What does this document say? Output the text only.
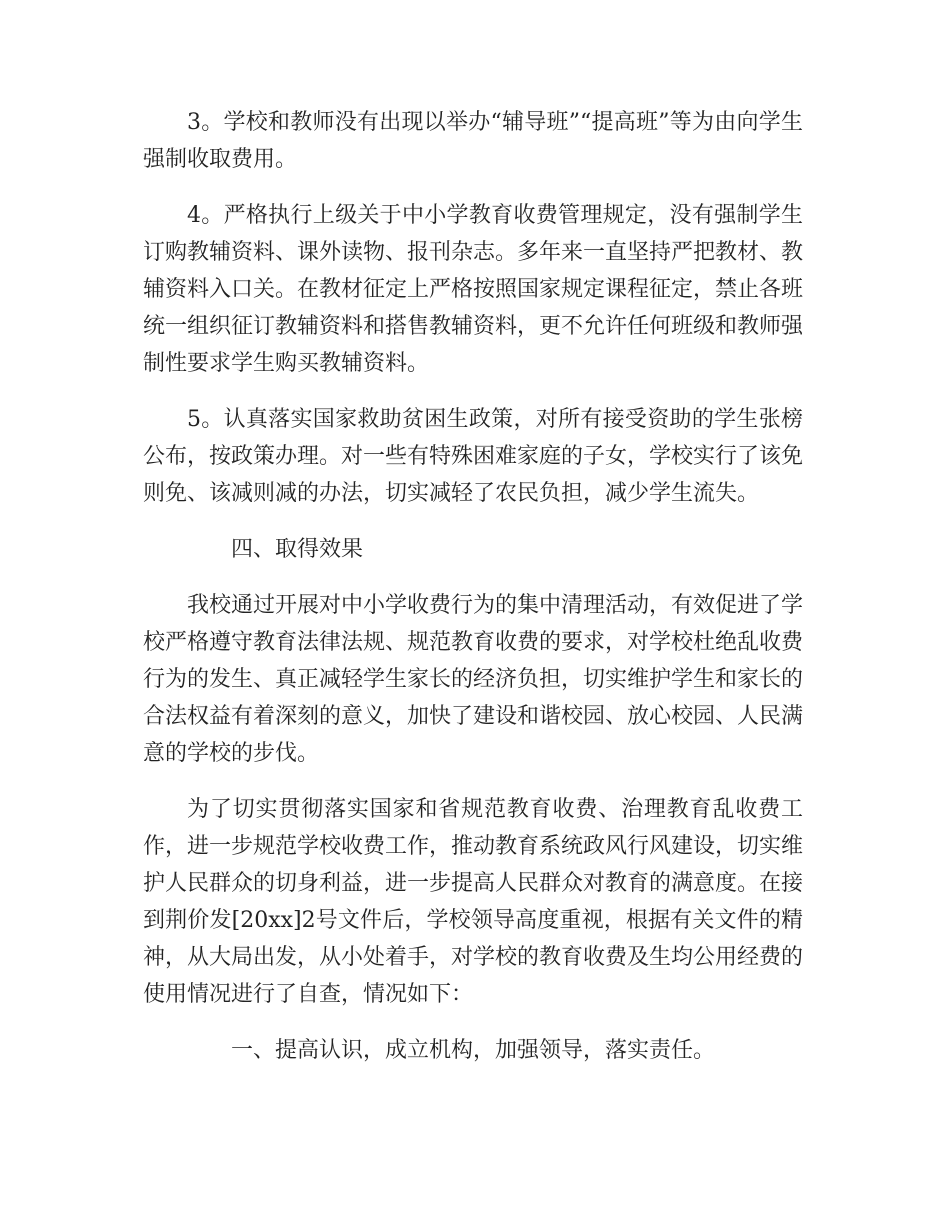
3。学校和教师没有出现以举办“辅导班”“提高班”等为由向学生强制收取费用。

4。严格执行上级关于中小学教育收费管理规定，没有强制学生订购教辅资料、课外读物、报刊杂志。多年来一直坚持严把教材、教辅资料入口关。在教材征定上严格按照国家规定课程征定，禁止各班统一组织征订教辅资料和搭售教辅资料，更不允许任何班级和教师强制性要求学生购买教辅资料。

5。认真落实国家救助贫困生政策，对所有接受资助的学生张榜公布，按政策办理。对一些有特殊困难家庭的子女，学校实行了该免则免、该减则减的办法，切实减轻了农民负担，减少学生流失。

四、取得效果

我校通过开展对中小学收费行为的集中清理活动，有效促进了学校严格遵守教育法律法规、规范教育收费的要求，对学校杜绝乱收费行为的发生、真正减轻学生家长的经济负担，切实维护学生和家长的合法权益有着深刻的意义，加快了建设和谐校园、放心校园、人民满意的学校的步伐。

为了切实贯彻落实国家和省规范教育收费、治理教育乱收费工作，进一步规范学校收费工作，推动教育系统政风行风建设，切实维护人民群众的切身利益，进一步提高人民群众对教育的满意度。在接到荆价发[20xx]2号文件后，学校领导高度重视，根据有关文件的精神，从大局出发，从小处着手，对学校的教育收费及生均公用经费的使用情况进行了自查，情况如下：

一、提高认识，成立机构，加强领导，落实责任。
